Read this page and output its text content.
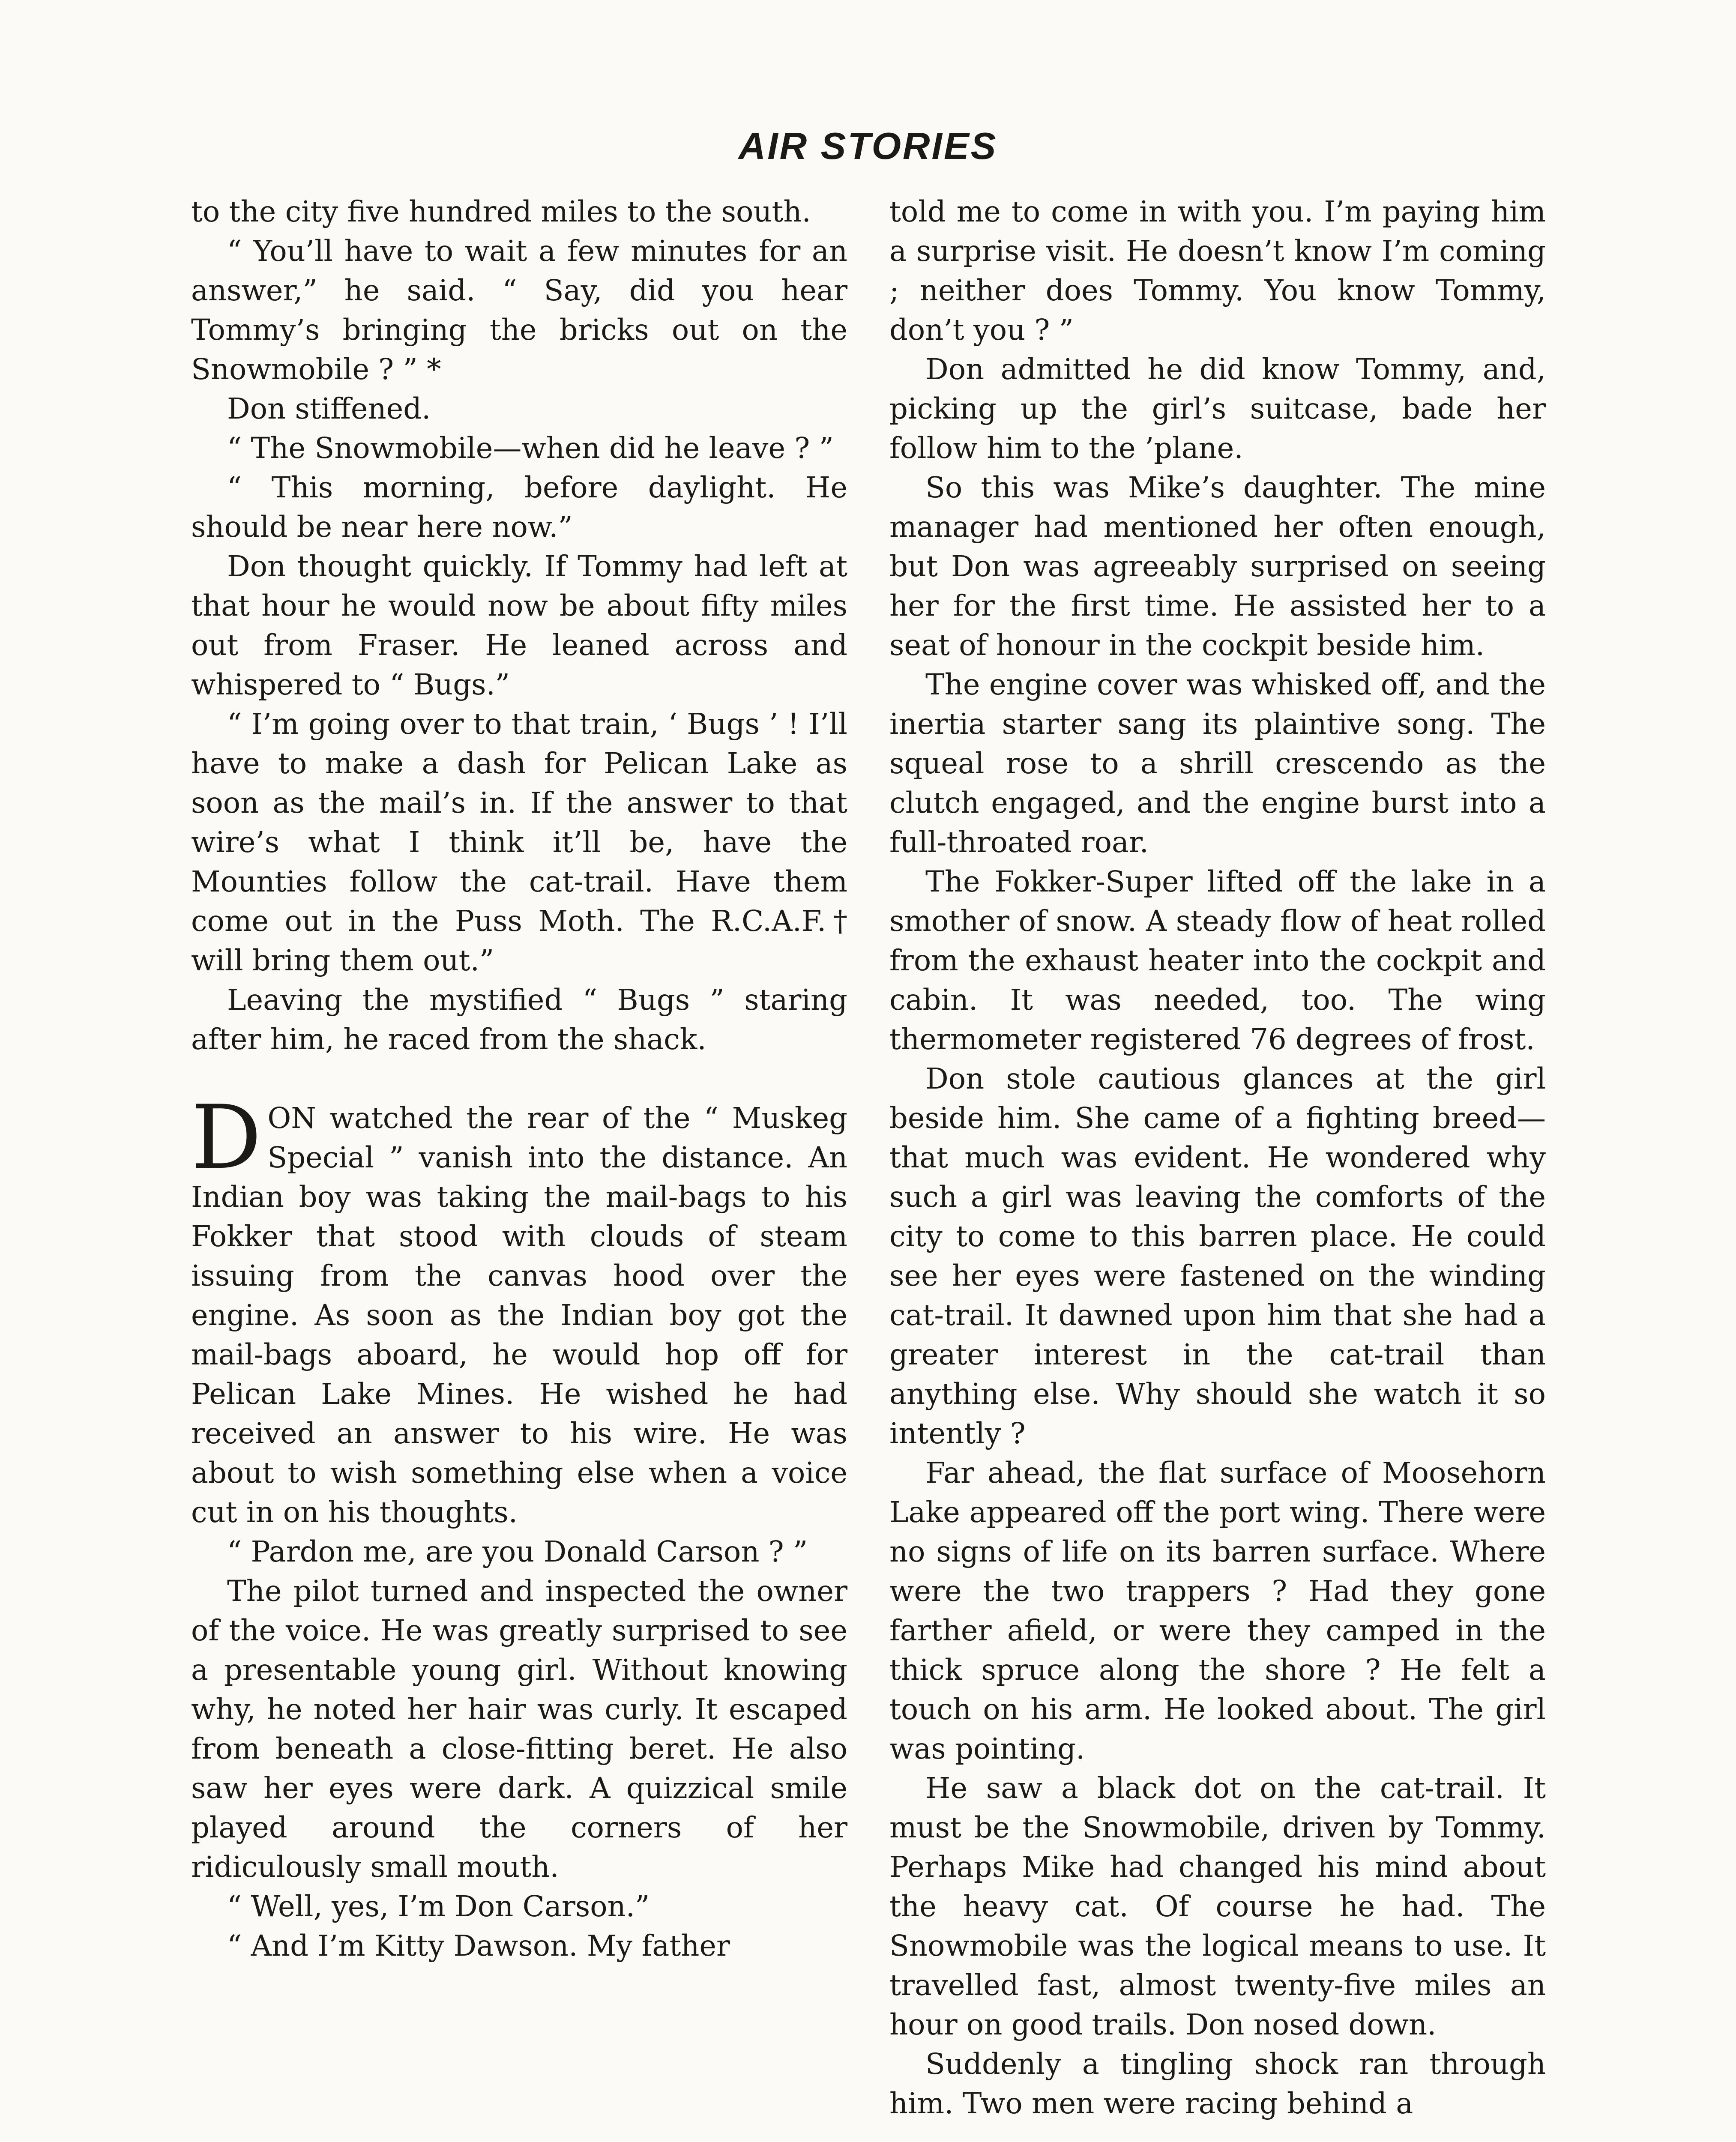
AIR STORIES

to the city five hundred miles to the south.

“ You’ll have to wait a few minutes for an answer,” he said. “ Say, did you hear Tommy’s bringing the bricks out on the Snowmobile ? ” *

Don stiffened.

“ The Snowmobile—when did he leave ? ”

“ This morning, before daylight. He should be near here now.”

Don thought quickly. If Tommy had left at that hour he would now be about fifty miles out from Fraser. He leaned across and whispered to “ Bugs.”

“ I’m going over to that train, ‘ Bugs ’ ! I’ll have to make a dash for Pelican Lake as soon as the mail’s in. If the answer to that wire’s what I think it’ll be, have the Mounties follow the cat-trail. Have them come out in the Puss Moth. The R.C.A.F.† will bring them out.”

Leaving the mystified “ Bugs ” staring after him, he raced from the shack.

DON watched the rear of the “ Muskeg Special ” vanish into the distance. An Indian boy was taking the mail-bags to his Fokker that stood with clouds of steam issuing from the canvas hood over the engine. As soon as the Indian boy got the mail-bags aboard, he would hop off for Pelican Lake Mines. He wished he had received an answer to his wire. He was about to wish something else when a voice cut in on his thoughts.

“ Pardon me, are you Donald Carson ? ”

The pilot turned and inspected the owner of the voice. He was greatly surprised to see a presentable young girl. Without knowing why, he noted her hair was curly. It escaped from beneath a close-fitting beret. He also saw her eyes were dark. A quizzical smile played around the corners of her ridiculously small mouth.

“ Well, yes, I’m Don Carson.”

“ And I’m Kitty Dawson. My father

told me to come in with you. I’m paying him a surprise visit. He doesn’t know I’m coming ; neither does Tommy. You know Tommy, don’t you ? ”

Don admitted he did know Tommy, and, picking up the girl’s suitcase, bade her follow him to the ’plane.

So this was Mike’s daughter. The mine manager had mentioned her often enough, but Don was agreeably surprised on seeing her for the first time. He assisted her to a seat of honour in the cockpit beside him.

The engine cover was whisked off, and the inertia starter sang its plaintive song. The squeal rose to a shrill crescendo as the clutch engaged, and the engine burst into a full-throated roar.

The Fokker-Super lifted off the lake in a smother of snow. A steady flow of heat rolled from the exhaust heater into the cockpit and cabin. It was needed, too. The wing thermometer registered 76 degrees of frost.

Don stole cautious glances at the girl beside him. She came of a fighting breed—that much was evident. He wondered why such a girl was leaving the comforts of the city to come to this barren place. He could see her eyes were fastened on the winding cat-trail. It dawned upon him that she had a greater interest in the cat-trail than anything else. Why should she watch it so intently ?

Far ahead, the flat surface of Moosehorn Lake appeared off the port wing. There were no signs of life on its barren surface. Where were the two trappers ? Had they gone farther afield, or were they camped in the thick spruce along the shore ? He felt a touch on his arm. He looked about. The girl was pointing.

He saw a black dot on the cat-trail. It must be the Snowmobile, driven by Tommy. Perhaps Mike had changed his mind about the heavy cat. Of course he had. The Snowmobile was the logical means to use. It travelled fast, almost twenty-five miles an hour on good trails. Don nosed down.

Suddenly a tingling shock ran through him. Two men were racing behind a
